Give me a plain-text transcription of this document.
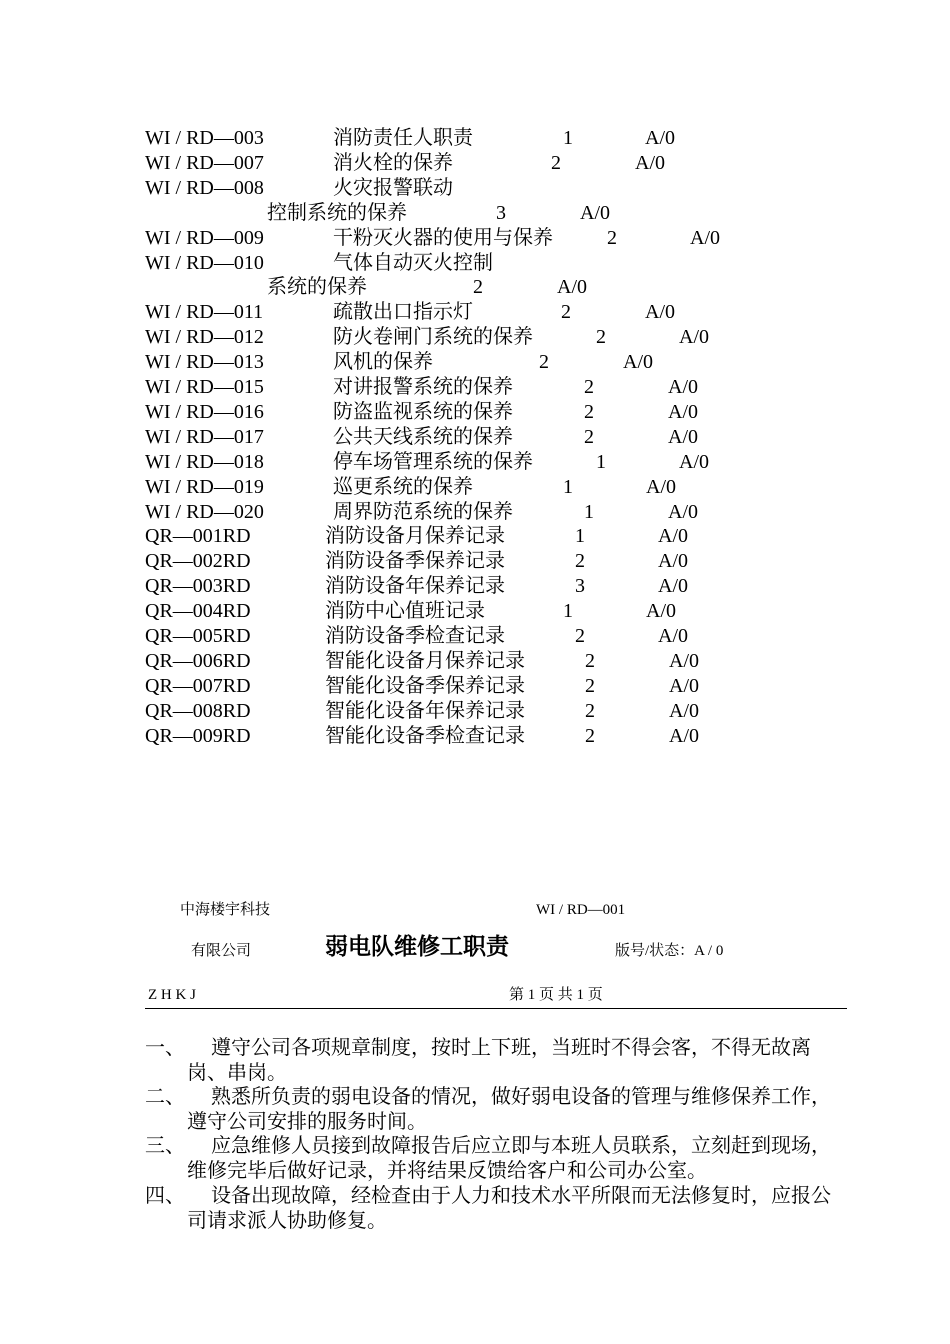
WI / RD—003	消防责任人职责	1	A/0
WI / RD—007	消火栓的保养	2	A/0
WI / RD—008	火灾报警联动
控制系统的保养	3	A/0
WI / RD—009	干粉灭火器的使用与保养	2	A/0
WI / RD—010	气体自动灭火控制
系统的保养	2	A/0
WI / RD—011	疏散出口指示灯	2	A/0
WI / RD—012	防火卷闸门系统的保养	2	A/0
WI / RD—013	风机的保养	2	A/0
WI / RD—015	对讲报警系统的保养	2	A/0
WI / RD—016	防盗监视系统的保养	2	A/0
WI / RD—017	公共天线系统的保养	2	A/0
WI / RD—018	停车场管理系统的保养	1	A/0
WI / RD—019	巡更系统的保养	1	A/0
WI / RD—020	周界防范系统的保养	1	A/0
QR—001RD	消防设备月保养记录	1	A/0
QR—002RD	消防设备季保养记录	2	A/0
QR—003RD	消防设备年保养记录	3	A/0
QR—004RD	消防中心值班记录	1	A/0
QR—005RD	消防设备季检查记录	2	A/0
QR—006RD	智能化设备月保养记录	2	A/0
QR—007RD	智能化设备季保养记录	2	A/0
QR—008RD	智能化设备年保养记录	2	A/0
QR—009RD	智能化设备季检查记录	2	A/0
中海楼宇科技	WI / RD—001
有限公司	弱电队维修工职责	版号/状态：A / 0
Z H K J	第 1 页 共 1 页
一、	遵守公司各项规章制度，按时上下班，当班时不得会客，不得无故离岗、串岗。
二、	熟悉所负责的弱电设备的情况，做好弱电设备的管理与维修保养工作，遵守公司安排的服务时间。
三、	应急维修人员接到故障报告后应立即与本班人员联系，立刻赶到现场，维修完毕后做好记录，并将结果反馈给客户和公司办公室。
四、	设备出现故障，经检查由于人力和技术水平所限而无法修复时，应报公司请求派人协助修复。
